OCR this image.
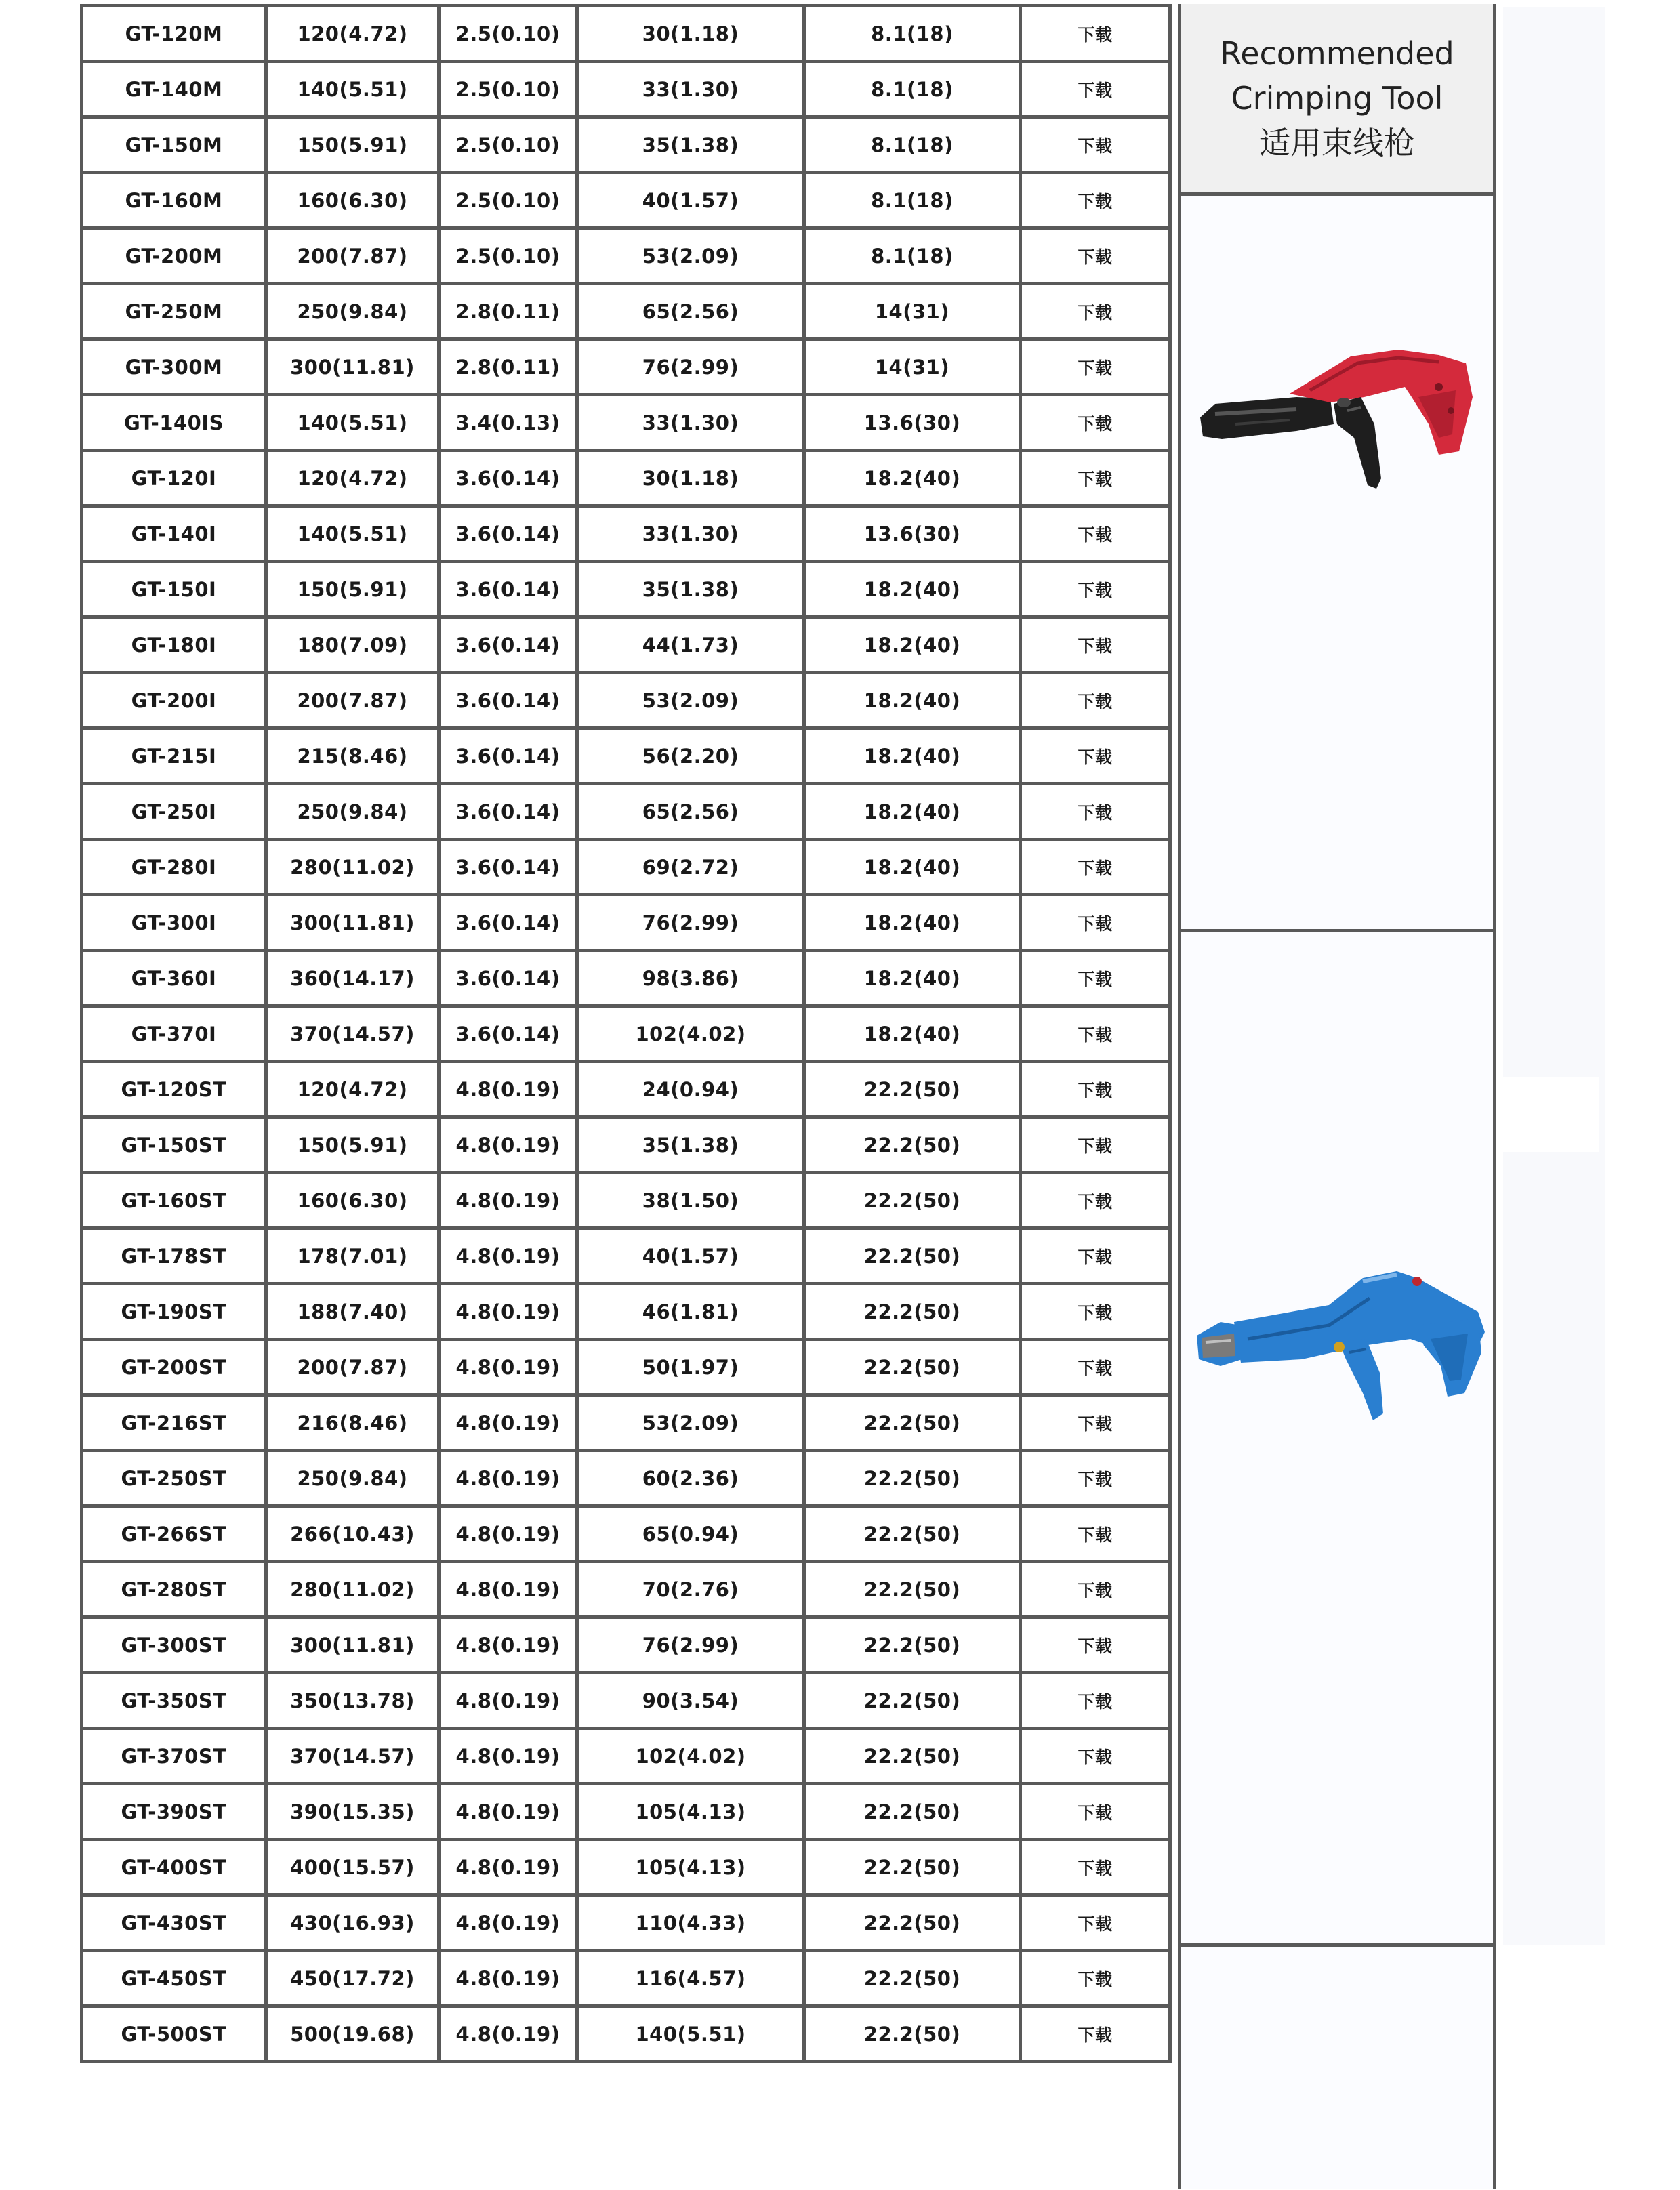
GT-120M	120(4.72)	2.5(0.10)	30(1.18)	8.1(18)	下载
GT-140M	140(5.51)	2.5(0.10)	33(1.30)	8.1(18)	下载
GT-150M	150(5.91)	2.5(0.10)	35(1.38)	8.1(18)	下载
GT-160M	160(6.30)	2.5(0.10)	40(1.57)	8.1(18)	下载
GT-200M	200(7.87)	2.5(0.10)	53(2.09)	8.1(18)	下载
GT-250M	250(9.84)	2.8(0.11)	65(2.56)	14(31)	下载
GT-300M	300(11.81)	2.8(0.11)	76(2.99)	14(31)	下载
GT-140IS	140(5.51)	3.4(0.13)	33(1.30)	13.6(30)	下载
GT-120I	120(4.72)	3.6(0.14)	30(1.18)	18.2(40)	下载
GT-140I	140(5.51)	3.6(0.14)	33(1.30)	13.6(30)	下载
GT-150I	150(5.91)	3.6(0.14)	35(1.38)	18.2(40)	下载
GT-180I	180(7.09)	3.6(0.14)	44(1.73)	18.2(40)	下载
GT-200I	200(7.87)	3.6(0.14)	53(2.09)	18.2(40)	下载
GT-215I	215(8.46)	3.6(0.14)	56(2.20)	18.2(40)	下载
GT-250I	250(9.84)	3.6(0.14)	65(2.56)	18.2(40)	下载
GT-280I	280(11.02)	3.6(0.14)	69(2.72)	18.2(40)	下载
GT-300I	300(11.81)	3.6(0.14)	76(2.99)	18.2(40)	下载
GT-360I	360(14.17)	3.6(0.14)	98(3.86)	18.2(40)	下载
GT-370I	370(14.57)	3.6(0.14)	102(4.02)	18.2(40)	下载
GT-120ST	120(4.72)	4.8(0.19)	24(0.94)	22.2(50)	下载
GT-150ST	150(5.91)	4.8(0.19)	35(1.38)	22.2(50)	下载
GT-160ST	160(6.30)	4.8(0.19)	38(1.50)	22.2(50)	下载
GT-178ST	178(7.01)	4.8(0.19)	40(1.57)	22.2(50)	下载
GT-190ST	188(7.40)	4.8(0.19)	46(1.81)	22.2(50)	下载
GT-200ST	200(7.87)	4.8(0.19)	50(1.97)	22.2(50)	下载
GT-216ST	216(8.46)	4.8(0.19)	53(2.09)	22.2(50)	下载
GT-250ST	250(9.84)	4.8(0.19)	60(2.36)	22.2(50)	下载
GT-266ST	266(10.43)	4.8(0.19)	65(0.94)	22.2(50)	下载
GT-280ST	280(11.02)	4.8(0.19)	70(2.76)	22.2(50)	下载
GT-300ST	300(11.81)	4.8(0.19)	76(2.99)	22.2(50)	下载
GT-350ST	350(13.78)	4.8(0.19)	90(3.54)	22.2(50)	下载
GT-370ST	370(14.57)	4.8(0.19)	102(4.02)	22.2(50)	下载
GT-390ST	390(15.35)	4.8(0.19)	105(4.13)	22.2(50)	下载
GT-400ST	400(15.57)	4.8(0.19)	105(4.13)	22.2(50)	下载
GT-430ST	430(16.93)	4.8(0.19)	110(4.33)	22.2(50)	下载
GT-450ST	450(17.72)	4.8(0.19)	116(4.57)	22.2(50)	下载
GT-500ST	500(19.68)	4.8(0.19)	140(5.51)	22.2(50)	下载
Recommended
Crimping Tool
适用束线枪
